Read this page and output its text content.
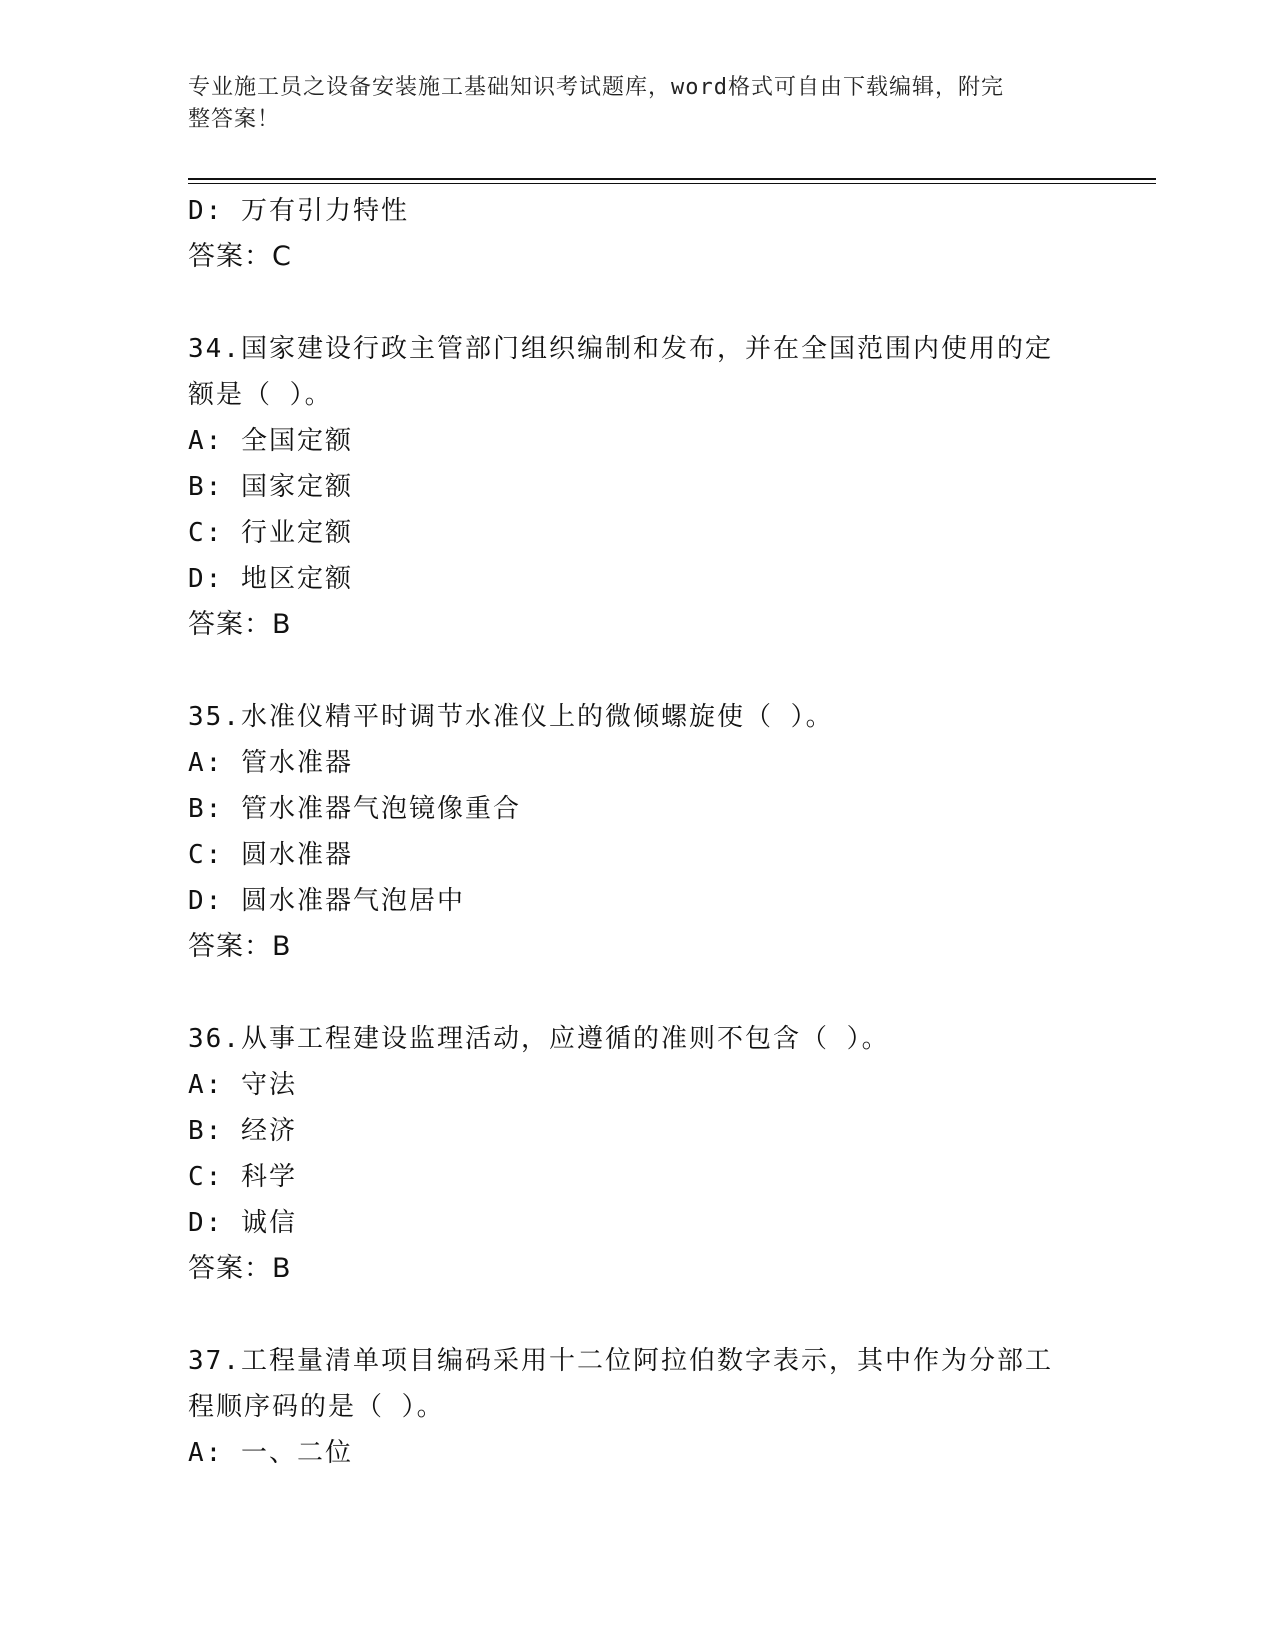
专业施工员之设备安装施工基础知识考试题库，word格式可自由下载编辑，附完
整答案！
D: 万有引力特性
答案：C
34.国家建设行政主管部门组织编制和发布，并在全国范围内使用的定
额是（ ）。
A: 全国定额
B: 国家定额
C: 行业定额
D: 地区定额
答案：B
35.水准仪精平时调节水准仪上的微倾螺旋使（ ）。
A: 管水准器
B: 管水准器气泡镜像重合
C: 圆水准器
D: 圆水准器气泡居中
答案：B
36.从事工程建设监理活动，应遵循的准则不包含（ ）。
A: 守法
B: 经济
C: 科学
D: 诚信
答案：B
37.工程量清单项目编码采用十二位阿拉伯数字表示，其中作为分部工
程顺序码的是（ ）。
A: 一、二位
